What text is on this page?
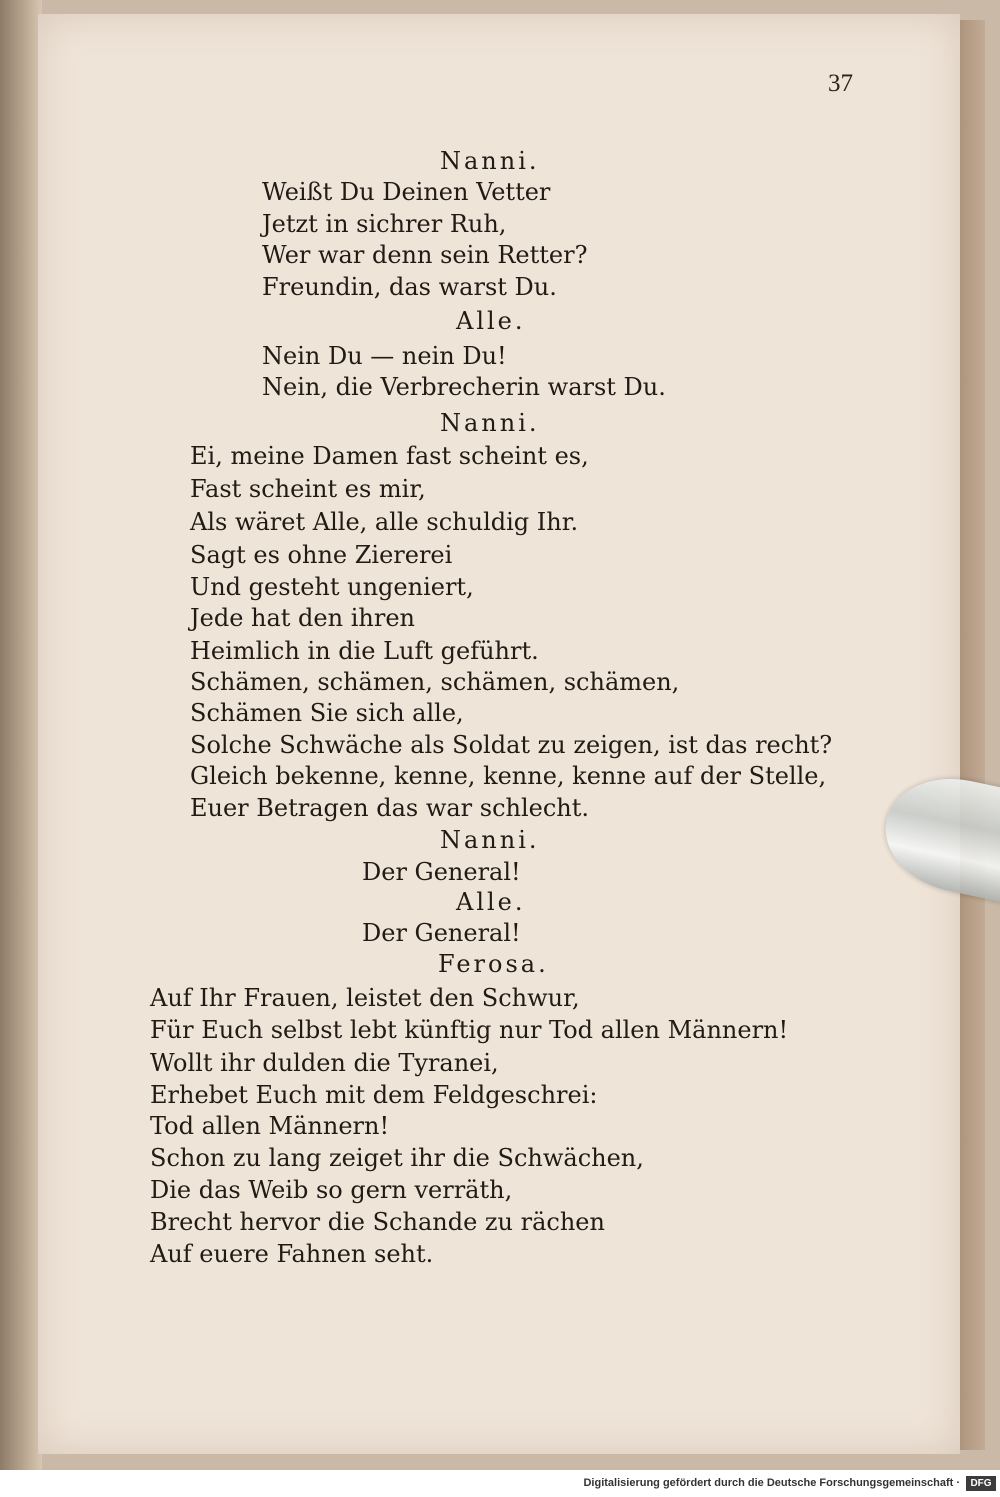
37
Nanni.
Weißt Du Deinen Vetter
Jetzt in sichrer Ruh,
Wer war denn sein Retter?
Freundin, das warst Du.
Alle.
Nein Du — nein Du!
Nein, die Verbrecherin warst Du.
Nanni.
Ei, meine Damen fast scheint es,
Fast scheint es mir,
Als wäret Alle, alle schuldig Ihr.
Sagt es ohne Ziererei
Und gesteht ungeniert,
Jede hat den ihren
Heimlich in die Luft geführt.
Schämen, schämen, schämen, schämen,
Schämen Sie sich alle,
Solche Schwäche als Soldat zu zeigen, ist das recht?
Gleich bekenne, kenne, kenne, kenne auf der Stelle,
Euer Betragen das war schlecht.
Nanni.
Der General!
Alle.
Der General!
Ferosa.
Auf Ihr Frauen, leistet den Schwur,
Für Euch selbst lebt künftig nur Tod allen Männern!
Wollt ihr dulden die Tyranei,
Erhebet Euch mit dem Feldgeschrei:
Tod allen Männern!
Schon zu lang zeiget ihr die Schwächen,
Die das Weib so gern verräth,
Brecht hervor die Schande zu rächen
Auf euere Fahnen seht.
Digitalisierung gefördert durch die Deutsche Forschungsgemeinschaft ·	DFG
